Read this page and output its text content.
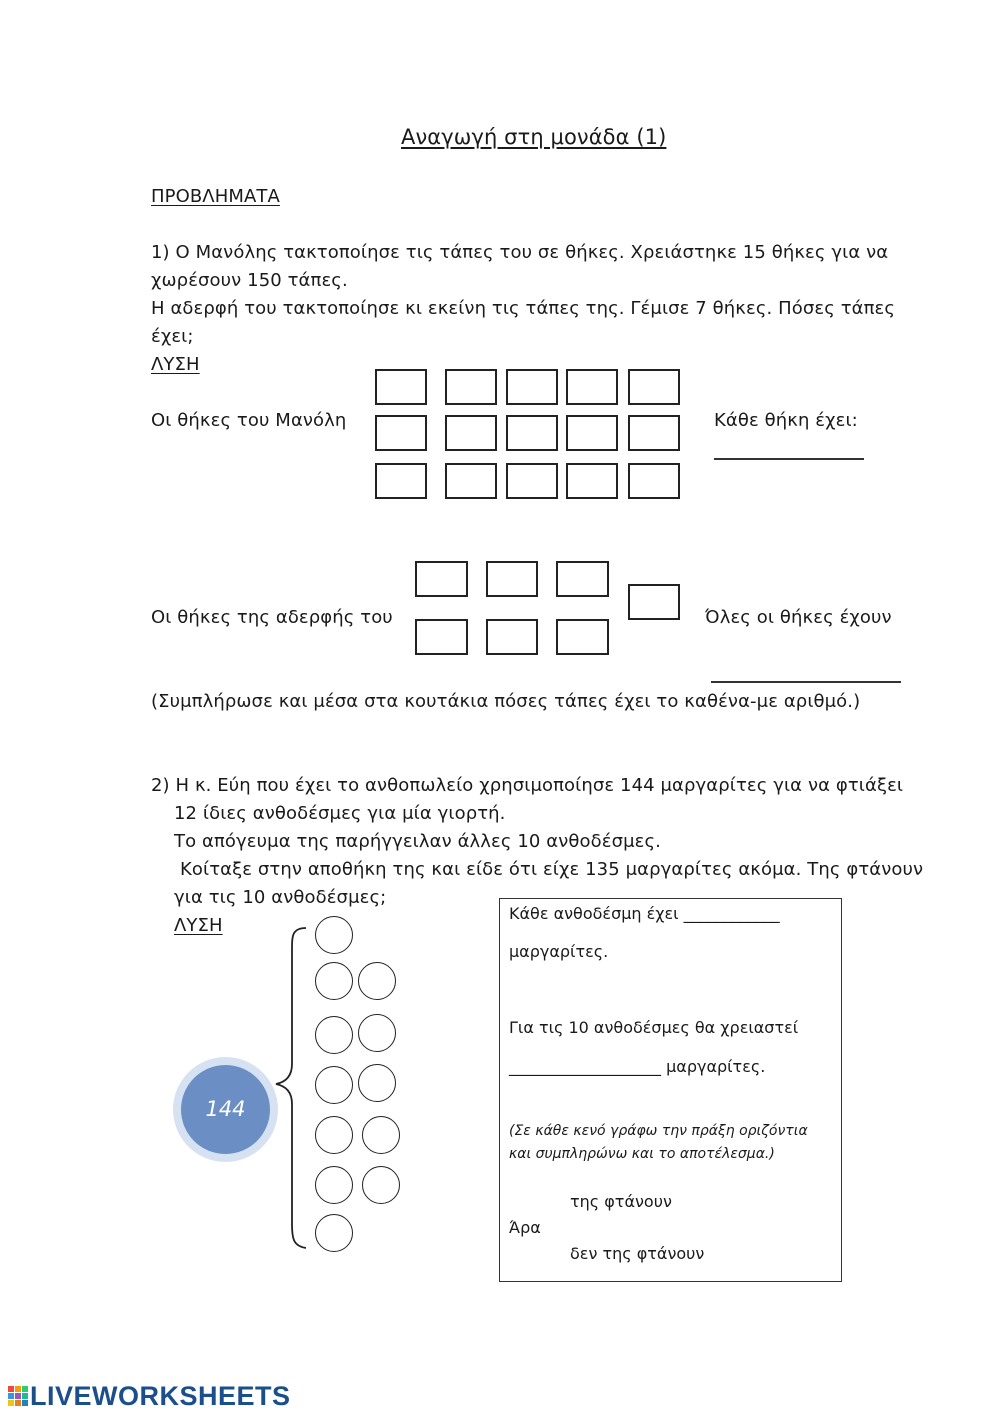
Αναγωγή στη μονάδα (1)
ΠΡΟΒΛΗΜΑΤΑ
1) Ο Μανόλης τακτοποίησε τις τάπες του σε θήκες. Χρειάστηκε 15 θήκες για να
χωρέσουν 150 τάπες.
Η αδερφή του τακτοποίησε κι εκείνη τις τάπες της. Γέμισε 7 θήκες. Πόσες τάπες
έχει;
ΛΥΣΗ
Οι θήκες του Μανόλη	Κάθε θήκη έχει:
Οι θήκες της αδερφής του	Όλες οι θήκες έχουν
(Συμπλήρωσε και μέσα στα κουτάκια πόσες τάπες έχει το καθένα-με αριθμό.)
2) Η κ. Εύη που έχει το ανθοπωλείο χρησιμοποίησε 144 μαργαρίτες για να φτιάξει
12 ίδιες ανθοδέσμες για μία γιορτή.
Το απόγευμα της παρήγγειλαν άλλες 10 ανθοδέσμες.
Κοίταξε στην αποθήκη της και είδε ότι είχε 135 μαργαρίτες ακόμα. Της φτάνουν
για τις 10 ανθοδέσμες;
ΛΥΣΗ
144
Κάθε ανθοδέσμη έχει ____________
μαργαρίτες.
Για τις 10 ανθοδέσμες θα χρειαστεί
___________________ μαργαρίτες.
(Σε κάθε κενό γράφω την πράξη οριζόντια
και συμπληρώνω και το αποτέλεσμα.)
της φτάνουν
Άρα
δεν της φτάνουν
LIVEWORKSHEETS
